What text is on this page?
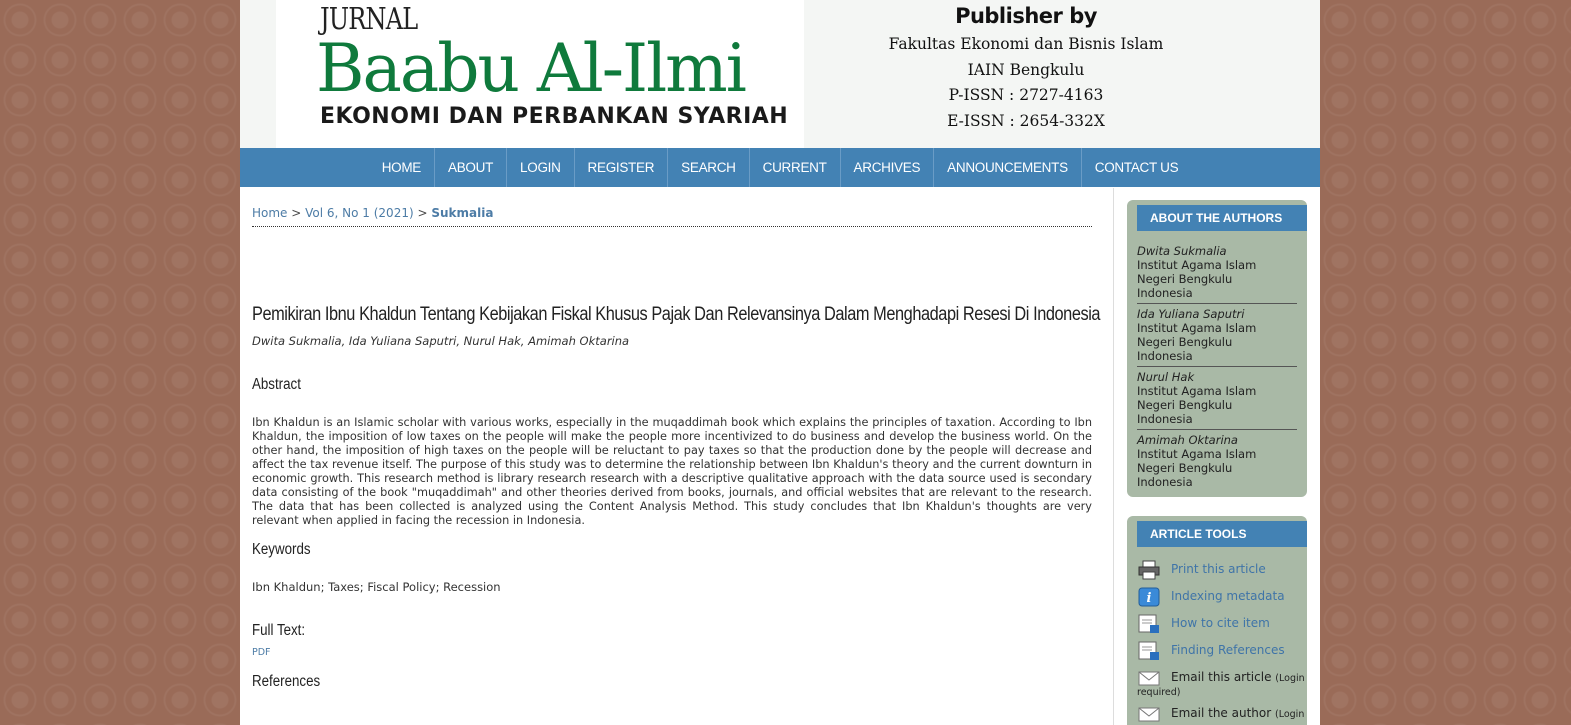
JURNAL
Baabu Al-Ilmi
EKONOMI DAN PERBANKAN SYARIAH
Publisher by
Fakultas Ekonomi dan Bisnis Islam
IAIN Bengkulu
P-ISSN : 2727-4163
E-ISSN : 2654-332X
HOME ABOUT LOGIN REGISTER SEARCH CURRENT ARCHIVES ANNOUNCEMENTS CONTACT US
Home > Vol 6, No 1 (2021) > Sukmalia
Pemikiran Ibnu Khaldun Tentang Kebijakan Fiskal Khusus Pajak Dan Relevansinya Dalam Menghadapi Resesi Di Indonesia
Dwita Sukmalia, Ida Yuliana Saputri, Nurul Hak, Amimah Oktarina
Abstract
Ibn Khaldun is an Islamic scholar with various works, especially in the muqaddimah book which explains the principles of taxation. According to Ibn Khaldun, the imposition of low taxes on the people will make the people more incentivized to do business and develop the business world. On the other hand, the imposition of high taxes on the people will be reluctant to pay taxes so that the production done by the people will decrease and affect the tax revenue itself. The purpose of this study was to determine the relationship between Ibn Khaldun's theory and the current downturn in economic growth. This research method is library research research with a descriptive qualitative approach with the data source used is secondary data consisting of the book "muqaddimah" and other theories derived from books, journals, and official websites that are relevant to the research. The data that has been collected is analyzed using the Content Analysis Method. This study concludes that Ibn Khaldun's thoughts are very relevant when applied in facing the recession in Indonesia.
Keywords
Ibn Khaldun; Taxes; Fiscal Policy; Recession
Full Text:
PDF
References
ABOUT THE AUTHORS
Dwita Sukmalia
Institut Agama Islam Negeri Bengkulu
Indonesia
Ida Yuliana Saputri
Institut Agama Islam Negeri Bengkulu
Indonesia
Nurul Hak
Institut Agama Islam Negeri Bengkulu
Indonesia
Amimah Oktarina
Institut Agama Islam Negeri Bengkulu
Indonesia
ARTICLE TOOLS
Print this article
i Indexing metadata
How to cite item
Finding References
Email this article (Login
required)
Email the author (Login
